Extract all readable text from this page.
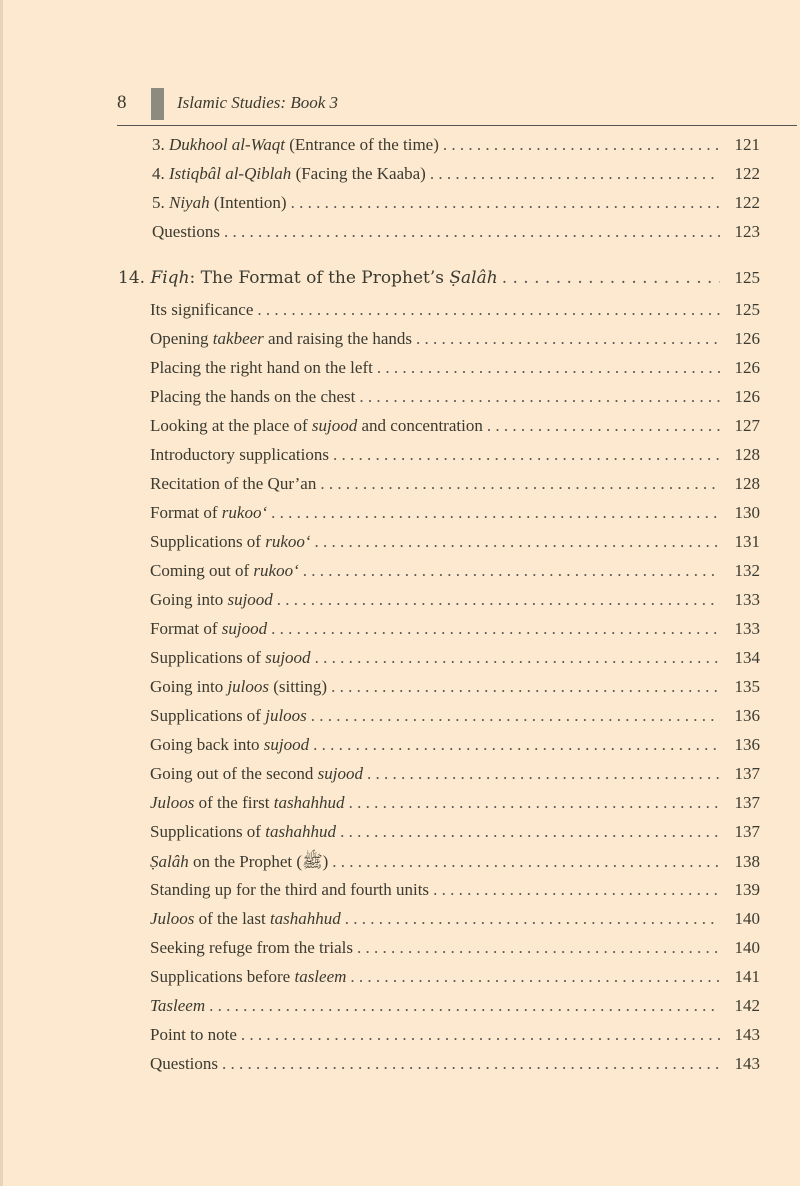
8	Islamic Studies: Book 3
3. Dukhool al-Waqt (Entrance of the time) . . .	121
4. Istiqbâl al-Qiblah (Facing the Kaaba) . . .	122
5. Niyah (Intention) . . .	122
Questions . . .	123
14. Fiqh: The Format of the Prophet’s Ṣalâh . . .	125
Its significance . . .	125
Opening takbeer and raising the hands . . .	126
Placing the right hand on the left . . .	126
Placing the hands on the chest . . .	126
Looking at the place of sujood and concentration . . .	127
Introductory supplications . . .	128
Recitation of the Qur’an . . .	128
Format of rukoo‘ . . .	130
Supplications of rukoo‘ . . .	131
Coming out of rukoo‘ . . .	132
Going into sujood . . .	133
Format of sujood . . .	133
Supplications of sujood . . .	134
Going into juloos (sitting) . . .	135
Supplications of juloos . . .	136
Going back into sujood . . .	136
Going out of the second sujood . . .	137
Juloos of the first tashahhud . . .	137
Supplications of tashahhud . . .	137
Ṣalâh on the Prophet (ﷺ) . . .	138
Standing up for the third and fourth units . . .	139
Juloos of the last tashahhud . . .	140
Seeking refuge from the trials . . .	140
Supplications before tasleem . . .	141
Tasleem . . .	142
Point to note . . .	143
Questions . . .	143
